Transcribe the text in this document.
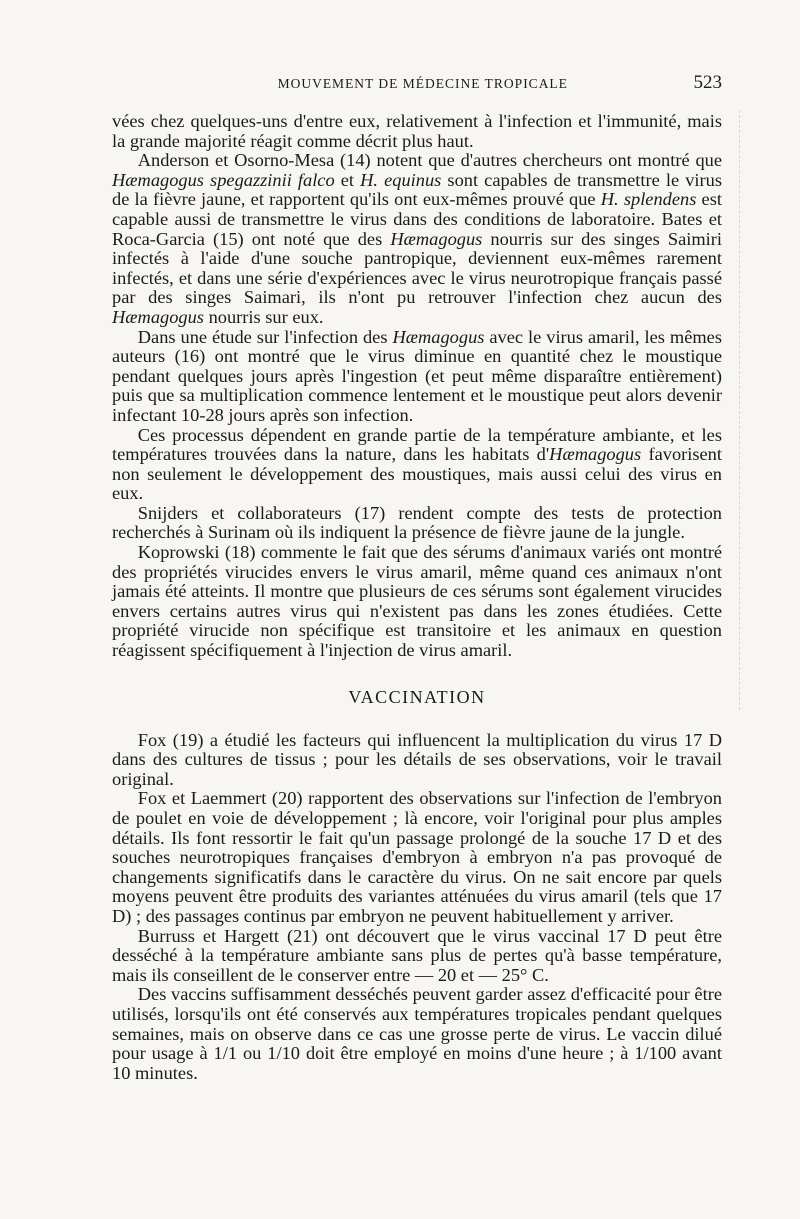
MOUVEMENT DE MÉDECINE TROPICALE	523

vées chez quelques-uns d'entre eux, relativement à l'infection et l'immunité, mais la grande majorité réagit comme décrit plus haut.

Anderson et Osorno-Mesa (14) notent que d'autres chercheurs ont montré que Hæmagogus spegazzinii falco et H. equinus sont capables de transmettre le virus de la fièvre jaune, et rapportent qu'ils ont eux-mêmes prouvé que H. splendens est capable aussi de transmettre le virus dans des conditions de laboratoire. Bates et Roca-Garcia (15) ont noté que des Hæmagogus nourris sur des singes Saimiri infectés à l'aide d'une souche pantropique, deviennent eux-mêmes rarement infectés, et dans une série d'expériences avec le virus neurotropique français passé par des singes Saimari, ils n'ont pu retrouver l'infection chez aucun des Hæmagogus nourris sur eux.

Dans une étude sur l'infection des Hæmagogus avec le virus amaril, les mêmes auteurs (16) ont montré que le virus diminue en quantité chez le moustique pendant quelques jours après l'ingestion (et peut même disparaître entièrement) puis que sa multiplication commence lentement et le moustique peut alors devenir infectant 10-28 jours après son infection.

Ces processus dépendent en grande partie de la température ambiante, et les températures trouvées dans la nature, dans les habitats d'Hæmagogus favorisent non seulement le développement des moustiques, mais aussi celui des virus en eux.

Snijders et collaborateurs (17) rendent compte des tests de protection recherchés à Surinam où ils indiquent la présence de fièvre jaune de la jungle.

Koprowski (18) commente le fait que des sérums d'animaux variés ont montré des propriétés virucides envers le virus amaril, même quand ces animaux n'ont jamais été atteints. Il montre que plusieurs de ces sérums sont également virucides envers certains autres virus qui n'existent pas dans les zones étudiées. Cette propriété virucide non spécifique est transitoire et les animaux en question réagissent spécifiquement à l'injection de virus amaril.

VACCINATION

Fox (19) a étudié les facteurs qui influencent la multiplication du virus 17 D dans des cultures de tissus ; pour les détails de ses observations, voir le travail original.

Fox et Laemmert (20) rapportent des observations sur l'infection de l'embryon de poulet en voie de développement ; là encore, voir l'original pour plus amples détails. Ils font ressortir le fait qu'un passage prolongé de la souche 17 D et des souches neurotropiques françaises d'embryon à embryon n'a pas provoqué de changements significatifs dans le caractère du virus. On ne sait encore par quels moyens peuvent être produits des variantes atténuées du virus amaril (tels que 17 D) ; des passages continus par embryon ne peuvent habituellement y arriver.

Burruss et Hargett (21) ont découvert que le virus vaccinal 17 D peut être desséché à la température ambiante sans plus de pertes qu'à basse température, mais ils conseillent de le conserver entre — 20 et — 25° C.

Des vaccins suffisamment desséchés peuvent garder assez d'efficacité pour être utilisés, lorsqu'ils ont été conservés aux températures tropicales pendant quelques semaines, mais on observe dans ce cas une grosse perte de virus. Le vaccin dilué pour usage à 1/1 ou 1/10 doit être employé en moins d'une heure ; à 1/100 avant 10 minutes.
